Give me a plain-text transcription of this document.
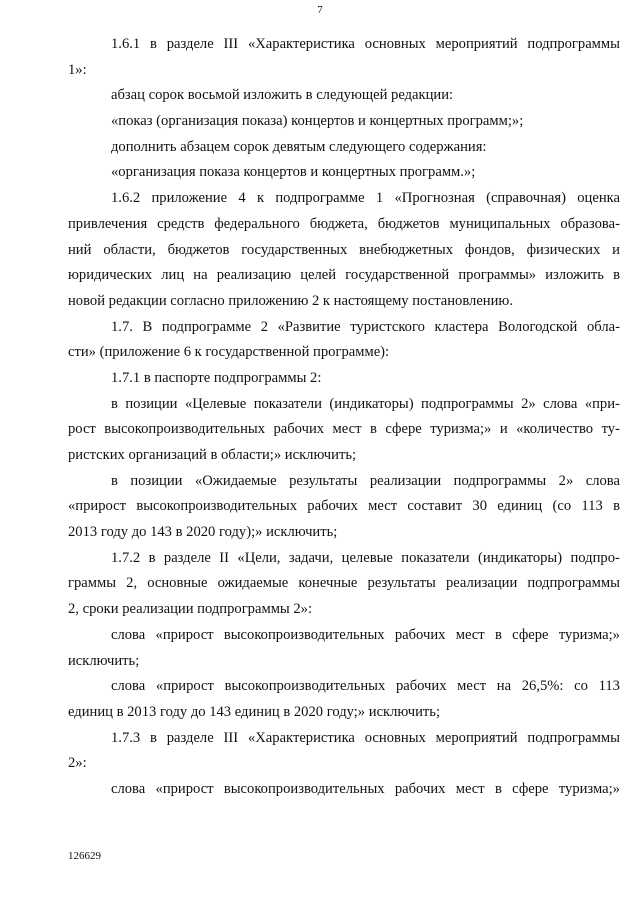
7
1.6.1 в разделе III «Характеристика основных мероприятий подпрограммы
1»:
абзац сорок восьмой изложить в следующей редакции:
«показ (организация показа) концертов и концертных программ;»;
дополнить абзацем сорок девятым следующего содержания:
«организация показа концертов и концертных программ.»;
1.6.2 приложение 4 к подпрограмме 1 «Прогнозная (справочная) оценка
привлечения средств федерального бюджета, бюджетов муниципальных образова-
ний области, бюджетов государственных внебюджетных фондов, физических и
юридических лиц на реализацию целей государственной программы» изложить в
новой редакции согласно приложению 2 к настоящему постановлению.
1.7. В подпрограмме 2 «Развитие туристского кластера Вологодской обла-
сти» (приложение 6 к государственной программе):
1.7.1 в паспорте подпрограммы 2:
в позиции «Целевые показатели (индикаторы) подпрограммы 2» слова «при-
рост высокопроизводительных рабочих мест в сфере туризма;» и «количество ту-
ристских организаций в области;» исключить;
в позиции «Ожидаемые результаты реализации подпрограммы 2» слова
«прирост высокопроизводительных рабочих мест составит 30 единиц (со 113 в
2013 году до 143 в 2020 году);» исключить;
1.7.2 в разделе II «Цели, задачи, целевые показатели (индикаторы) подпро-
граммы 2, основные ожидаемые конечные результаты реализации подпрограммы
2, сроки реализации подпрограммы 2»:
слова «прирост высокопроизводительных рабочих мест в сфере туризма;»
исключить;
слова «прирост высокопроизводительных рабочих мест на 26,5%: со 113
единиц в 2013 году до 143 единиц в 2020 году;» исключить;
1.7.3 в разделе III «Характеристика основных мероприятий подпрограммы
2»:
слова «прирост высокопроизводительных рабочих мест в сфере туризма;»
126629
